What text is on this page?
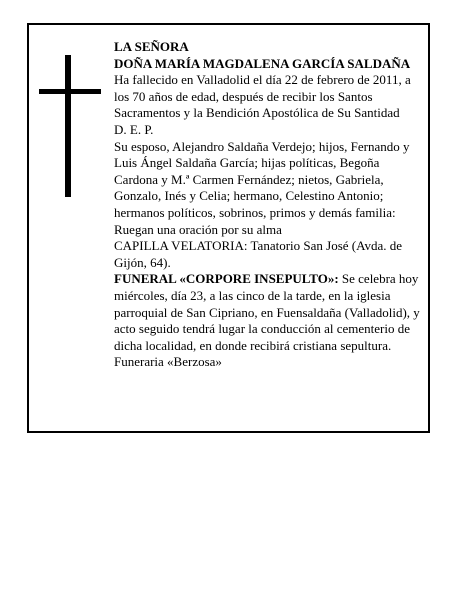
LA SEÑORA

DOÑA MARÍA MAGDALENA GARCÍA SALDAÑA

Ha fallecido en Valladolid el día 22 de febrero de 2011, a los 70 años de edad, después de recibir los Santos Sacramentos y la Bendición Apostólica de Su Santidad

D. E. P.

Su esposo, Alejandro Saldaña Verdejo; hijos, Fernando y Luis Ángel Saldaña García; hijas políticas, Begoña Cardona y M.ª Carmen Fernández; nietos, Gabriela, Gonzalo, Inés y Celia; hermano, Celestino Antonio; hermanos políticos, sobrinos, primos y demás familia:

Ruegan una oración por su alma

CAPILLA VELATORIA: Tanatorio San José (Avda. de Gijón, 64).

FUNERAL «CORPORE INSEPULTO»: Se celebra hoy miércoles, día 23, a las cinco de la tarde, en la iglesia parroquial de San Cipriano, en Fuensaldaña (Valladolid), y acto seguido tendrá lugar la conducción al cementerio de dicha localidad, en donde recibirá cristiana sepultura.

Funeraria «Berzosa»
